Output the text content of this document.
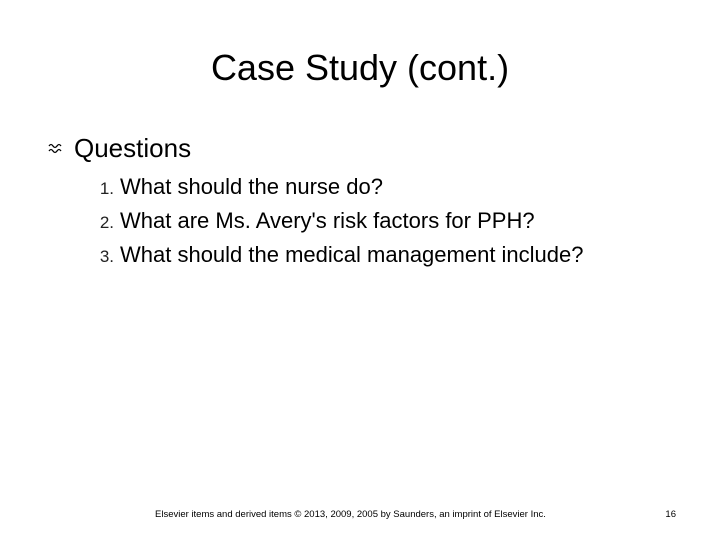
Case Study (cont.)
Questions
1. What should the nurse do?
2. What are Ms. Avery's risk factors for PPH?
3. What should the medical management include?
Elsevier items and derived items © 2013, 2009, 2005 by Saunders, an imprint of Elsevier Inc.	16
